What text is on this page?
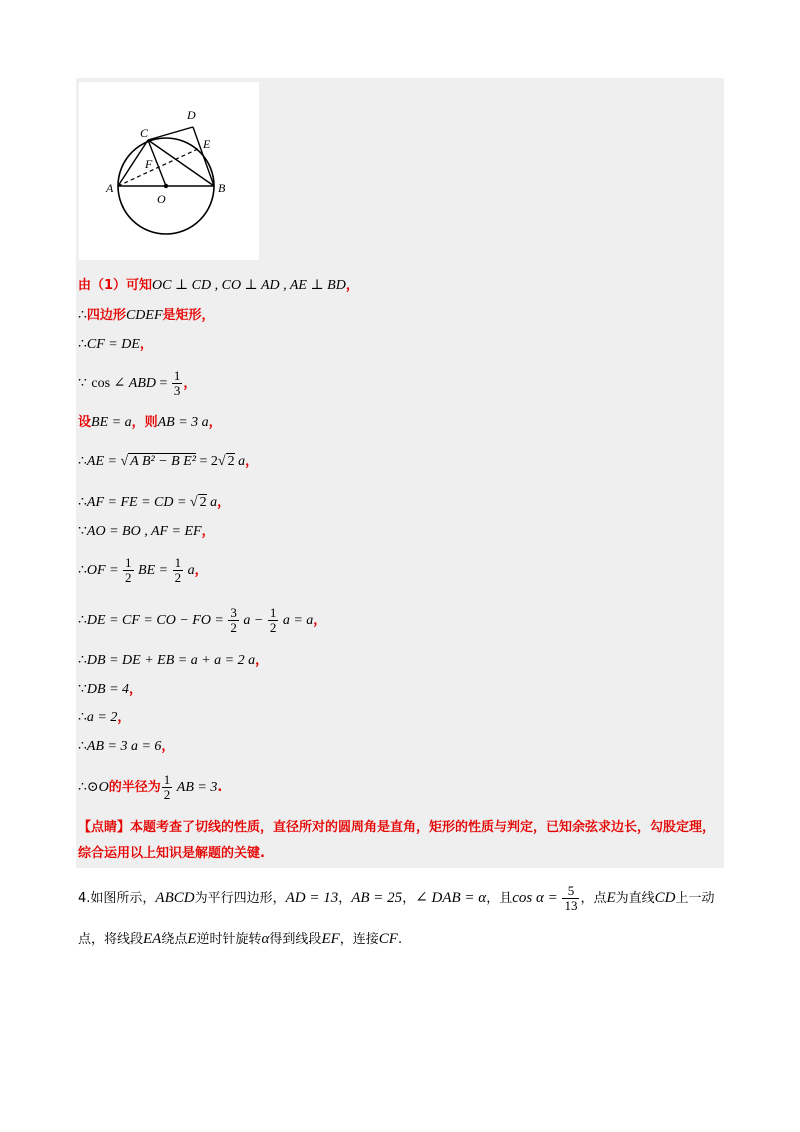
A	B
C
D
E
F
O
由（1）可知OC ⊥ CD , CO ⊥ AD , AE ⊥ BD，
∴四边形CDEF是矩形，
∴CF = DE，
∵ cos ∠ ABD = $\frac{1}{3}$ ，
设BE = a，则AB = 3 a，
∴AE = √ A B² − B E² = 2√ 2 a，
∴AF = FE = CD = √ 2 a，
∵AO = BO , AF = EF，
∴OF = $\frac{1}{2}$ BE = $\frac{1}{2}$ a，
∴DE = CF = CO − FO = $\frac{3}{2}$ $a - \frac{1}{2}$ a = a，
∴DB = DE + EB = a + a = 2 a，
∵DB = 4，
∴a = 2，
∴AB = 3 a = 6，
∴⊙O的半径为 $\frac{1}{2}$ AB = 3.
【点睛】本题考查了切线的性质，直径所对的圆周角是直角，矩形的性质与判定，已知余弦求边长，勾股定理，综合运用以上知识是解题的关键.
4.如图所示，ABCD为平行四边形，AD = 13，AB = 25，∠ DAB = α，且$\cos \alpha = \frac{5}{13}$ ，点E为直线CD上一动点，将线段EA绕点E逆时针旋转α得到线段EF，连接CF.
